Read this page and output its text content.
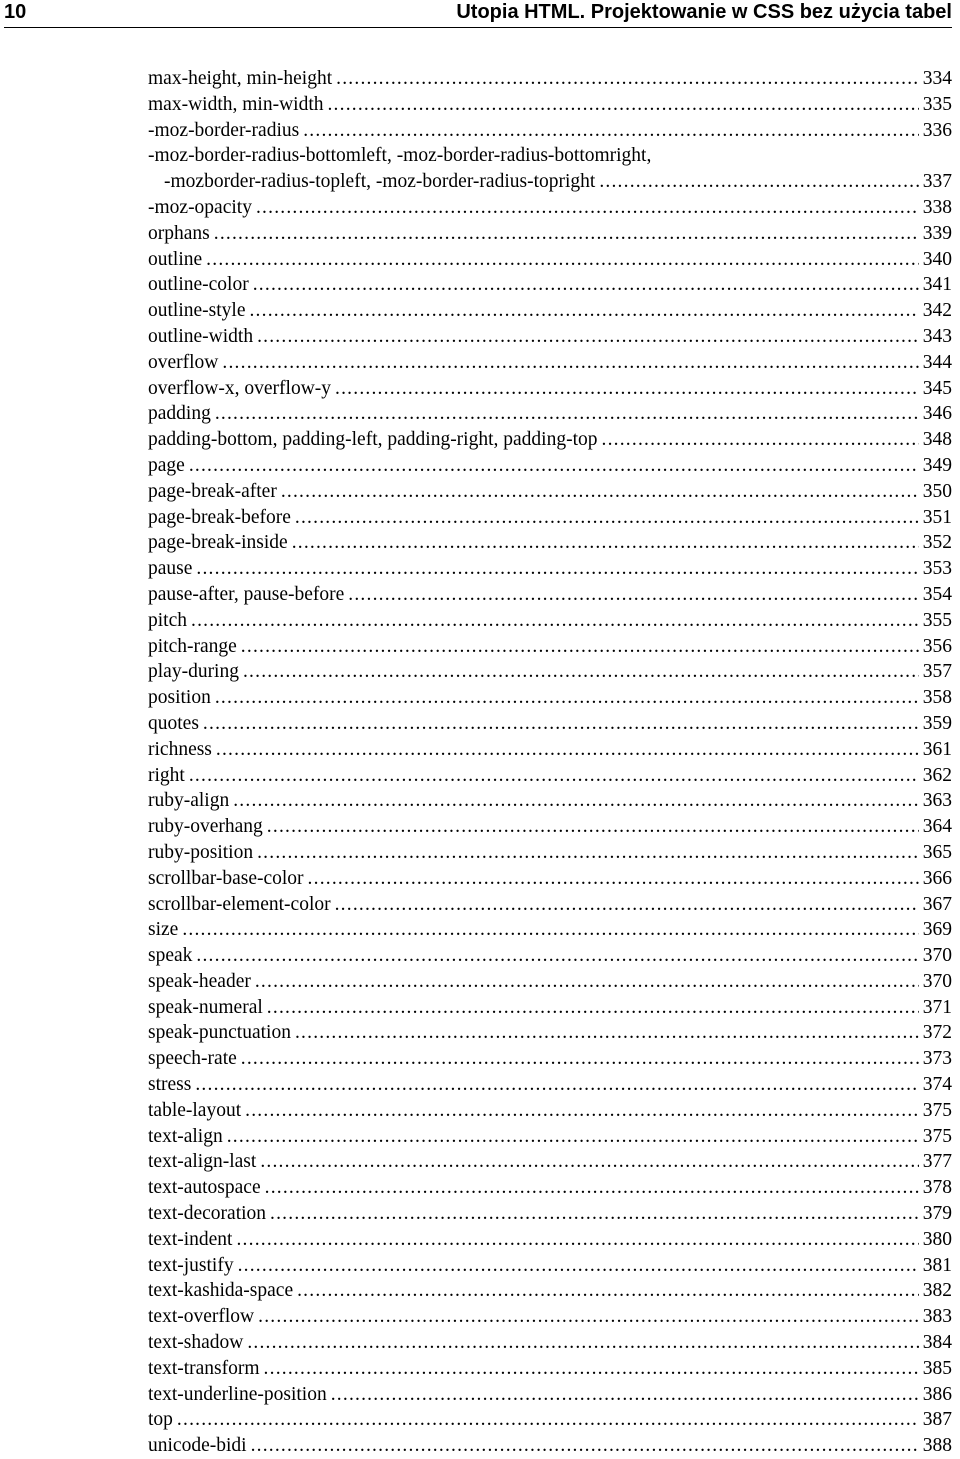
10	Utopia HTML. Projektowanie w CSS bez użycia tabel
max-height, min-height .....	334
max-width, min-width .....	335
-moz-border-radius .....	336
-moz-border-radius-bottomleft, -moz-border-radius-bottomright,
-mozborder-radius-topleft, -moz-border-radius-topright .....	337
-moz-opacity .....	338
orphans .....	339
outline .....	340
outline-color .....	341
outline-style .....	342
outline-width .....	343
overflow .....	344
overflow-x, overflow-y .....	345
padding .....	346
padding-bottom, padding-left, padding-right, padding-top .....	348
page .....	349
page-break-after .....	350
page-break-before .....	351
page-break-inside .....	352
pause .....	353
pause-after, pause-before .....	354
pitch .....	355
pitch-range .....	356
play-during .....	357
position .....	358
quotes .....	359
richness .....	361
right .....	362
ruby-align .....	363
ruby-overhang .....	364
ruby-position .....	365
scrollbar-base-color .....	366
scrollbar-element-color .....	367
size .....	369
speak .....	370
speak-header .....	370
speak-numeral .....	371
speak-punctuation .....	372
speech-rate .....	373
stress .....	374
table-layout .....	375
text-align .....	375
text-align-last .....	377
text-autospace .....	378
text-decoration .....	379
text-indent .....	380
text-justify .....	381
text-kashida-space .....	382
text-overflow .....	383
text-shadow .....	384
text-transform .....	385
text-underline-position .....	386
top .....	387
unicode-bidi .....	388
